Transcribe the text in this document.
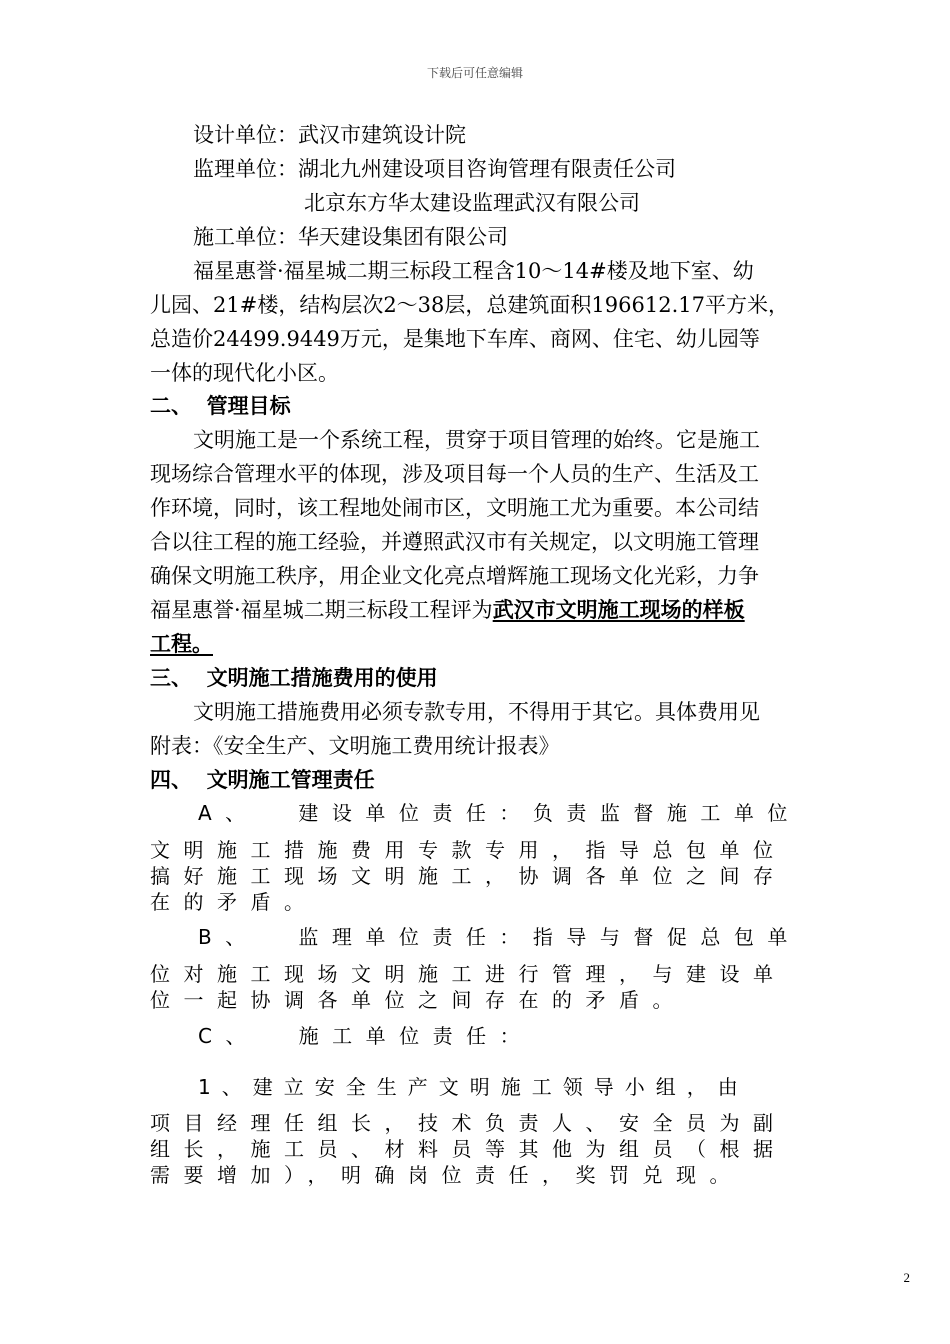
下载后可任意编辑
设计单位：武汉市建筑设计院
监理单位：湖北九州建设项目咨询管理有限责任公司
北京东方华太建设监理武汉有限公司
施工单位：华天建设集团有限公司
福星惠誉·福星城二期三标段工程含10～14#楼及地下室、幼
儿园、21#楼，结构层次2～38层，总建筑面积196612.17平方米，
总造价24499.9449万元，是集地下车库、商网、住宅、幼儿园等
一体的现代化小区。
二、  管理目标
文明施工是一个系统工程，贯穿于项目管理的始终。它是施工
现场综合管理水平的体现，涉及项目每一个人员的生产、生活及工
作环境，同时，该工程地处闹市区，文明施工尤为重要。本公司结
合以往工程的施工经验，并遵照武汉市有关规定，以文明施工管理
确保文明施工秩序，用企业文化亮点增辉施工现场文化光彩，力争
福星惠誉·福星城二期三标段工程评为武汉市文明施工现场的样板
工程。
三、  文明施工措施费用的使用
文明施工措施费用必须专款专用，不得用于其它。具体费用见
附表：《安全生产、文明施工费用统计报表》
四、  文明施工管理责任
A、  建设单位责任：负责监督施工单位
文明施工措施费用专款专用，指导总包单位
搞好施工现场文明施工，协调各单位之间存
在的矛盾。
B、  监理单位责任：指导与督促总包单
位对施工现场文明施工进行管理，与建设单
位一起协调各单位之间存在的矛盾。
C、  施工单位责任：
1、建立安全生产文明施工领导小组，由
项目经理任组长，技术负责人、安全员为副
组长，施工员、材料员等其他为组员（根据
需要增加），明确岗位责任，奖罚兑现。
2
